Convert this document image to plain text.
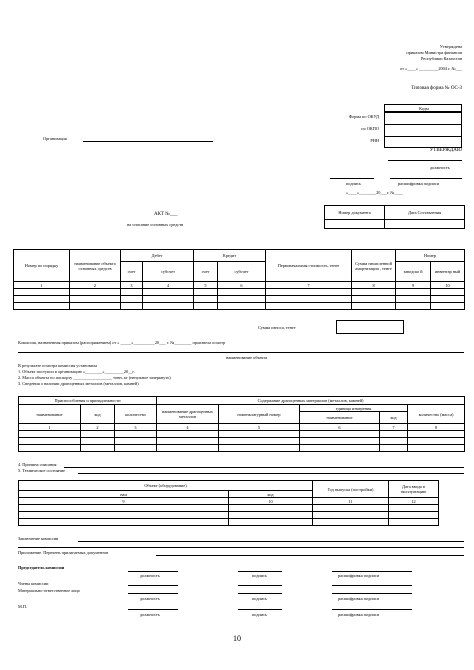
Утверждена
приказом Министра финансов
Республики Казахстан
от «____» _________2004 г. №___
Типовая форма № ОС-3
Коды
Форма по ОКУД
по ОКПО
РНН
Организация
УТВЕРЖДАЮ
должность
подпись	расшифровка подписи
«____»________20___г. №____
АКТ №___
на списание основных средств
Номер документа	Дата Составления

Номер по порядку	наименование объекта основных средств	Дебет		Кредит		Первоначальная стоимость, тенге	Сумма начисленной амортизации , тенге	Номер	
		счет	субсчет	счет	субсчет			заводско й	инвентар ный
1	2	3	4	5	6	7	8	9	10

Сумма износа, тенге
Комиссия, назначенная приказом (распоряжением) от « _____»__________20___ г. №________ произвела осмотр
наименование объекта
В результате осмотра комиссия установила
1. Объект поступил в организацию «________»_________20__г.
2. Масса объекта по паспорту __________________ тонн, кг (ненужное зачеркнуть)
3. Сведения о наличии драгоценных металлов (металлов, камней)
Приспособления и принадлежности			Содержание драгоценных материалов (металлов, камней)				
наименование	код	количество	наименование драгоценных металлов	номенклатурный номер	единица измерения		количество (масса)
					наименование	код	
1	2	3	4	5	6	7	8

4. Причина списания
5. Техническое состояние
Объект (оборудование)		Год выпуска (постройки)	Дата ввода в эксплуатацию
наи	код		
9	10	11	12

Заключение комиссии
Приложение. Перечень прилагаемых документов
Председатель комиссии
должность	подпись	расшифровка подписи
Члены комиссии
Материально-ответственное лицо
должность	подпись	расшифровка подписи
М.П.
должность	подпись	расшифровка подписи
10
